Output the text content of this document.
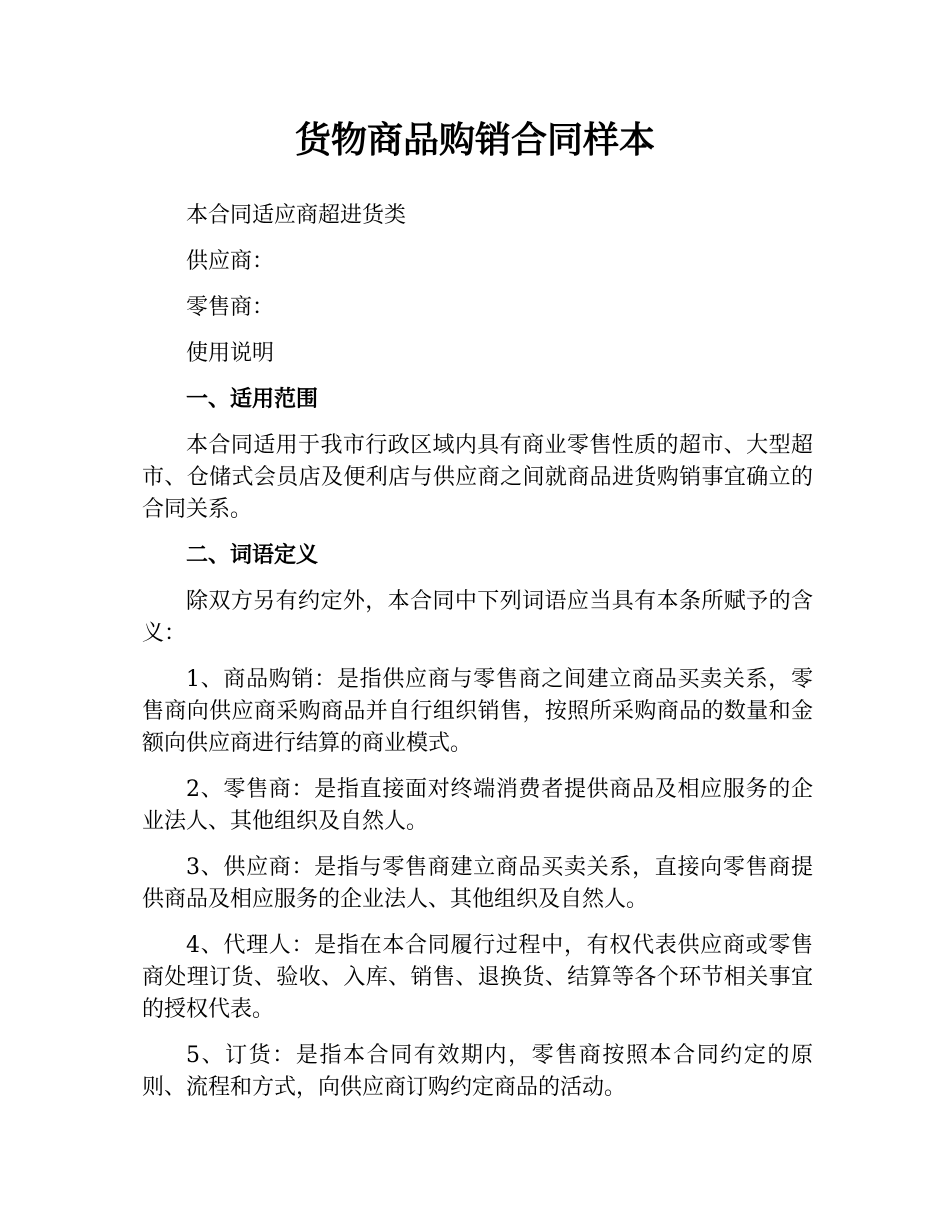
货物商品购销合同样本

本合同适应商超进货类

供应商：

零售商：

使用说明

一、适用范围

本合同适用于我市行政区域内具有商业零售性质的超市、大型超市、仓储式会员店及便利店与供应商之间就商品进货购销事宜确立的合同关系。

二、词语定义

除双方另有约定外，本合同中下列词语应当具有本条所赋予的含义：

1、商品购销：是指供应商与零售商之间建立商品买卖关系，零售商向供应商采购商品并自行组织销售，按照所采购商品的数量和金额向供应商进行结算的商业模式。

2、零售商：是指直接面对终端消费者提供商品及相应服务的企业法人、其他组织及自然人。

3、供应商：是指与零售商建立商品买卖关系，直接向零售商提供商品及相应服务的企业法人、其他组织及自然人。

4、代理人：是指在本合同履行过程中，有权代表供应商或零售商处理订货、验收、入库、销售、退换货、结算等各个环节相关事宜的授权代表。

5、订货：是指本合同有效期内，零售商按照本合同约定的原则、流程和方式，向供应商订购约定商品的活动。
